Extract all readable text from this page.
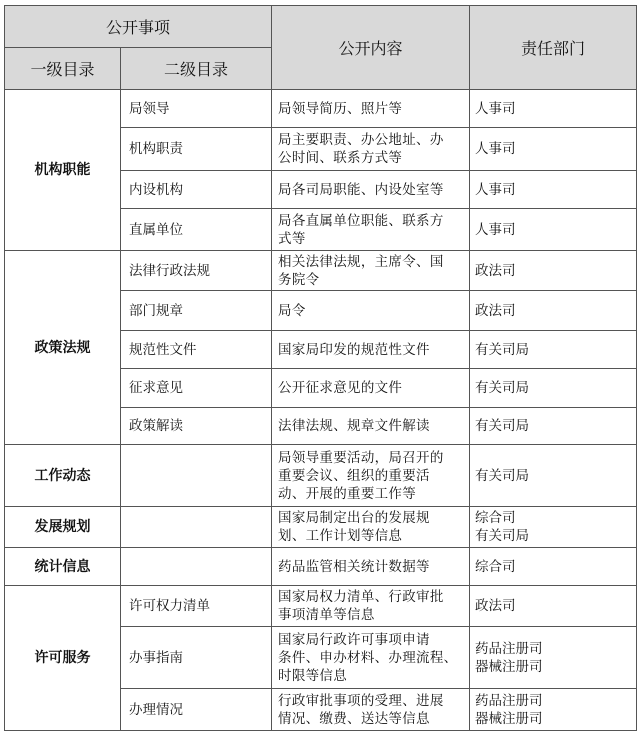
公开事项		公开内容	责任部门
一级目录	二级目录		
机构职能	局领导	局领导简历、照片等	人事司

	机构职责	局主要职责、办公地址、办
公时间、联系方式等	人事司

	内设机构	局各司局职能、内设处室等	人事司

	直属单位	局各直属单位职能、联系方
式等	人事司

政策法规	法律行政法规	相关法律法规，主席令、国
务院令	政法司

	部门规章	局令	政法司

	规范性文件	国家局印发的规范性文件	有关司局

	征求意见	公开征求意见的文件	有关司局

	政策解读	法律法规、规章文件解读	有关司局

工作动态		局领导重要活动，局召开的
重要会议、组织的重要活
动、开展的重要工作等	有关司局

发展规划		国家局制定出台的发展规
划、工作计划等信息	综合司
有关司局

统计信息		药品监管相关统计数据等	综合司

许可服务	许可权力清单	国家局权力清单、行政审批
事项清单等信息	政法司

	办事指南	国家局行政许可事项申请
条件、申办材料、办理流程、
时限等信息	药品注册司
器械注册司

	办理情况	行政审批事项的受理、进展
情况、缴费、送达等信息	药品注册司
器械注册司
